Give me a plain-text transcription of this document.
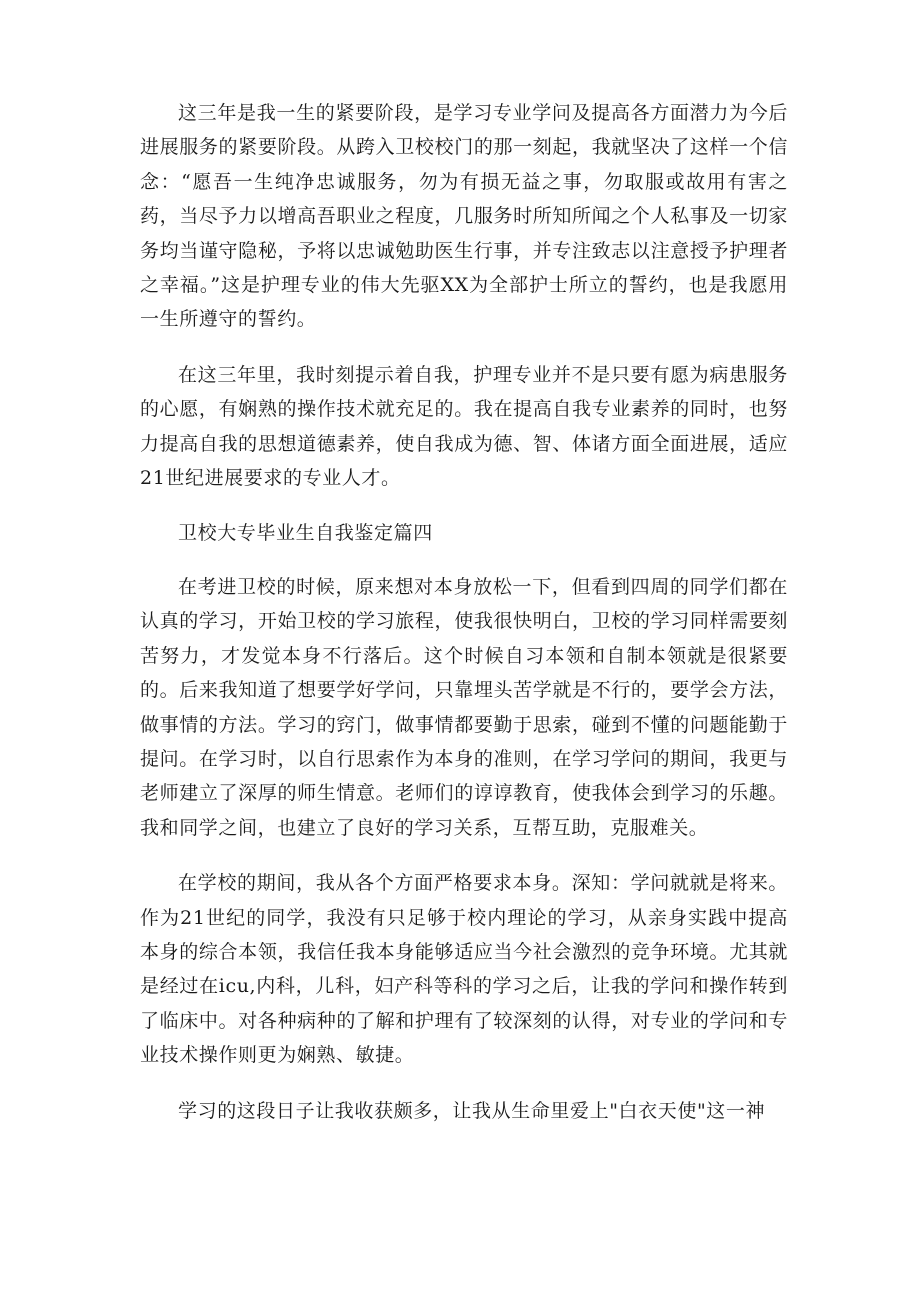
这三年是我一生的紧要阶段，是学习专业学问及提高各方面潜力为今后进展服务的紧要阶段。从跨入卫校校门的那一刻起，我就坚决了这样一个信念：“愿吾一生纯净忠诚服务，勿为有损无益之事，勿取服或故用有害之药，当尽予力以增高吾职业之程度，几服务时所知所闻之个人私事及一切家务均当谨守隐秘，予将以忠诚勉助医生行事，并专注致志以注意授予护理者之幸福。”这是护理专业的伟大先驱XX为全部护士所立的誓约，也是我愿用一生所遵守的誓约。

在这三年里，我时刻提示着自我，护理专业并不是只要有愿为病患服务的心愿，有娴熟的操作技术就充足的。我在提高自我专业素养的同时，也努力提高自我的思想道德素养，使自我成为德、智、体诸方面全面进展，适应21世纪进展要求的专业人才。

卫校大专毕业生自我鉴定篇四

在考进卫校的时候，原来想对本身放松一下，但看到四周的同学们都在认真的学习，开始卫校的学习旅程，使我很快明白，卫校的学习同样需要刻苦努力，才发觉本身不行落后。这个时候自习本领和自制本领就是很紧要的。后来我知道了想要学好学问，只靠埋头苦学就是不行的，要学会方法，做事情的方法。学习的窍门，做事情都要勤于思索，碰到不懂的问题能勤于提问。在学习时，以自行思索作为本身的准则，在学习学问的期间，我更与老师建立了深厚的师生情意。老师们的谆谆教育，使我体会到学习的乐趣。我和同学之间，也建立了良好的学习关系，互帮互助，克服难关。

在学校的期间，我从各个方面严格要求本身。深知：学问就就是将来。作为21世纪的同学，我没有只足够于校内理论的学习，从亲身实践中提高本身的综合本领，我信任我本身能够适应当今社会激烈的竞争环境。尤其就是经过在icu,内科，儿科，妇产科等科的学习之后，让我的学问和操作转到了临床中。对各种病种的了解和护理有了较深刻的认得，对专业的学问和专业技术操作则更为娴熟、敏捷。

学习的这段日子让我收获颇多，让我从生命里爱上"白衣天使"这一神
